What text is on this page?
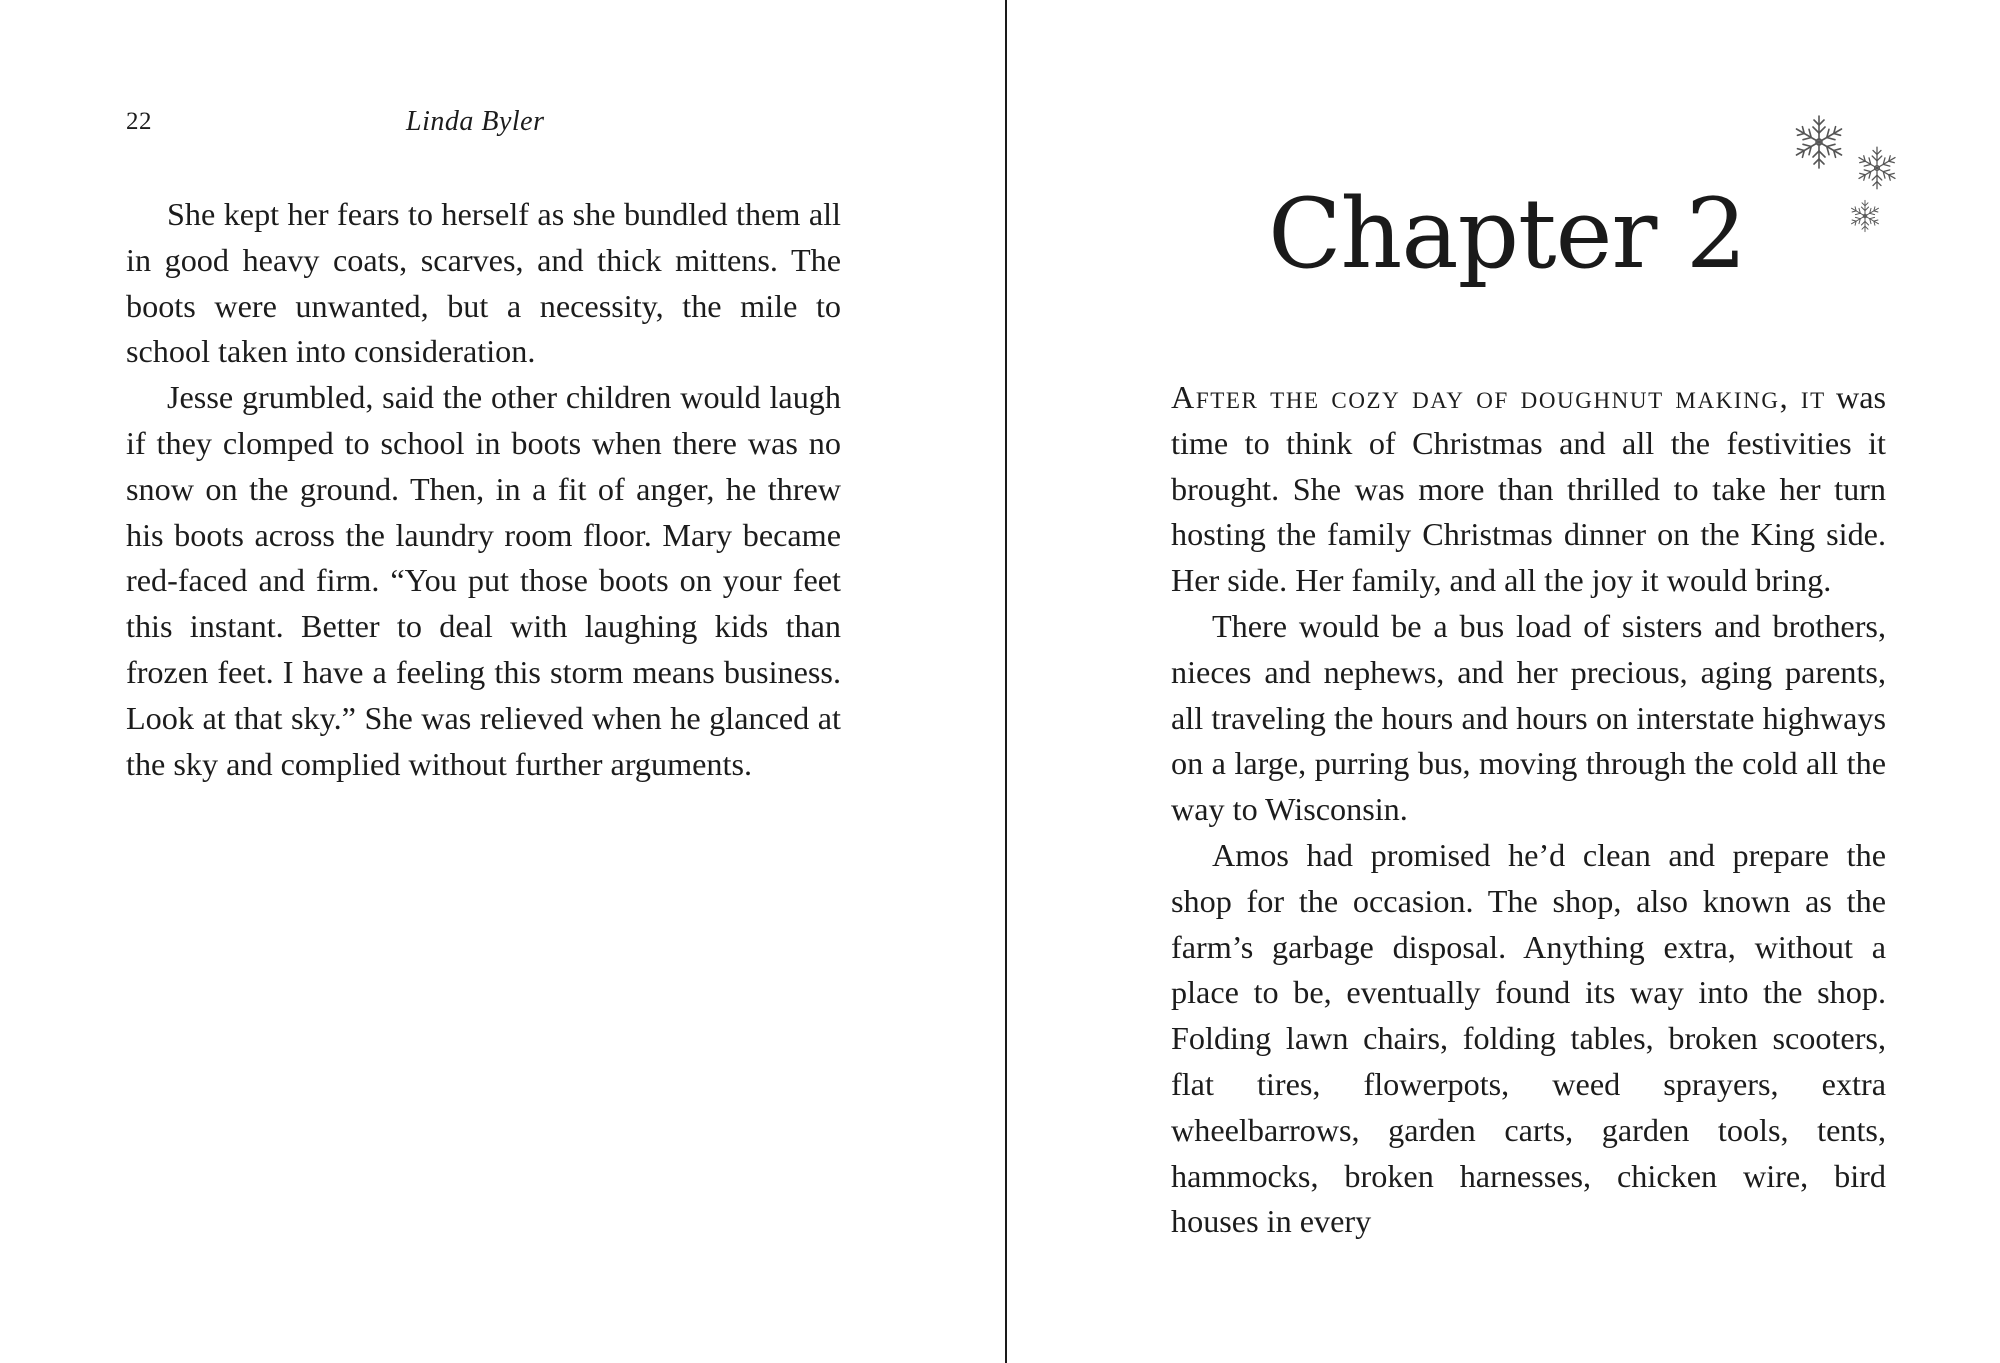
22	Linda Byler

She kept her fears to herself as she bundled them all in good heavy coats, scarves, and thick mittens. The boots were unwanted, but a necessity, the mile to school taken into consideration.

Jesse grumbled, said the other children would laugh if they clomped to school in boots when there was no snow on the ground. Then, in a fit of anger, he threw his boots across the laundry room floor. Mary became red-faced and firm. “You put those boots on your feet this instant. Better to deal with laughing kids than frozen feet. I have a feeling this storm means business. Look at that sky.” She was relieved when he glanced at the sky and complied without further arguments.

Chapter 2

After the cozy day of doughnut making, it was time to think of Christmas and all the festivities it brought. She was more than thrilled to take her turn hosting the family Christmas dinner on the King side. Her side. Her family, and all the joy it would bring.

There would be a bus load of sisters and brothers, nieces and nephews, and her precious, aging parents, all traveling the hours and hours on interstate highways on a large, purring bus, moving through the cold all the way to Wisconsin.

Amos had promised he’d clean and prepare the shop for the occasion. The shop, also known as the farm’s garbage disposal. Anything extra, without a place to be, eventually found its way into the shop. Folding lawn chairs, folding tables, broken scooters, flat tires, flowerpots, weed sprayers, extra wheelbarrows, garden carts, garden tools, tents, hammocks, broken harnesses, chicken wire, bird houses in every
